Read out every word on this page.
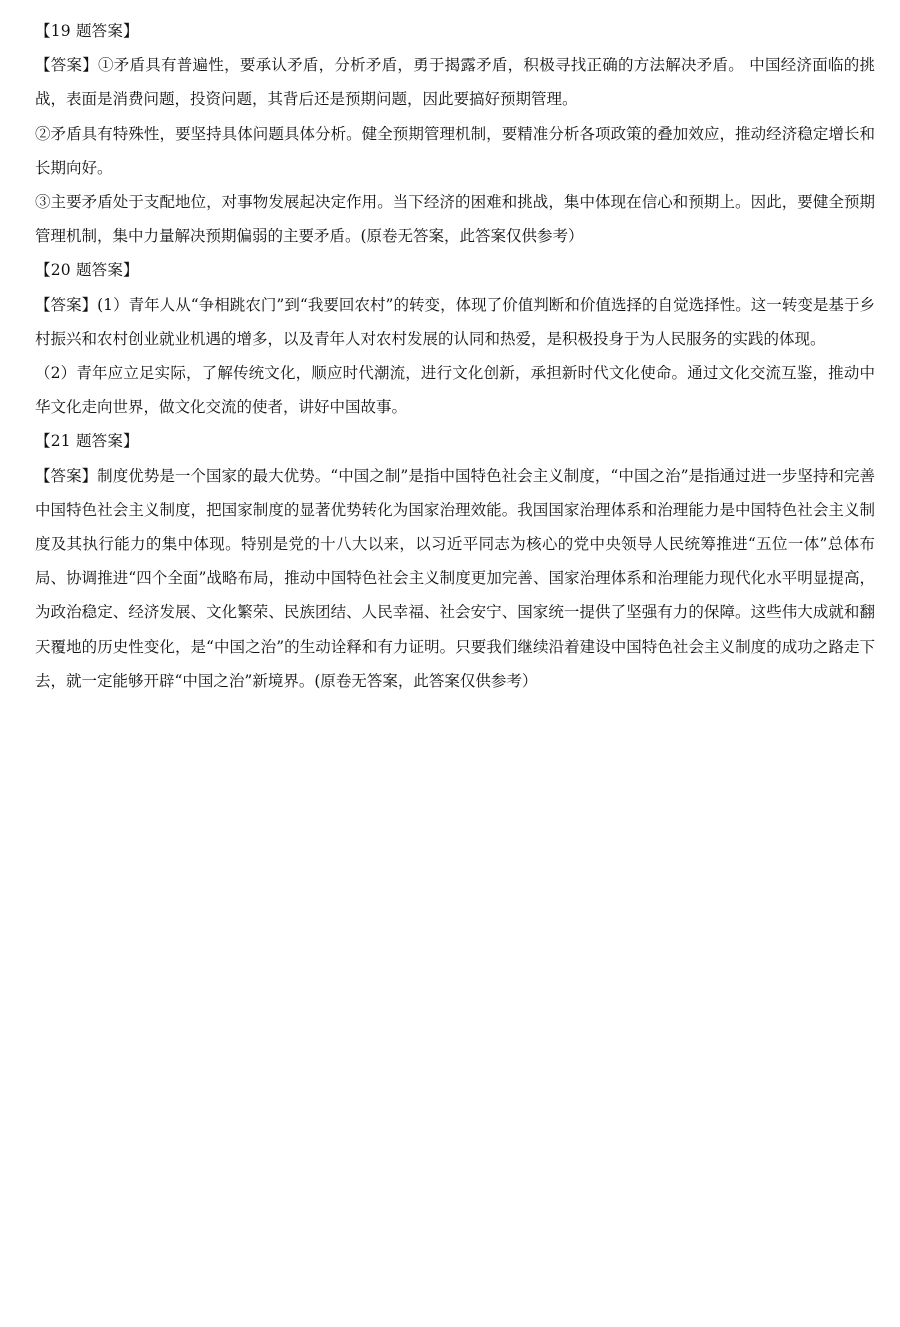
【19 题答案】

【答案】①矛盾具有普遍性，要承认矛盾，分析矛盾，勇于揭露矛盾，积极寻找正确的方法解决矛盾。 中国经济面临的挑战，表面是消费问题，投资问题，其背后还是预期问题，因此要搞好预期管理。

②矛盾具有特殊性，要坚持具体问题具体分析。健全预期管理机制，要精准分析各项政策的叠加效应，推动经济稳定增长和长期向好。

③主要矛盾处于支配地位，对事物发展起决定作用。当下经济的困难和挑战，集中体现在信心和预期上。因此，要健全预期管理机制，集中力量解决预期偏弱的主要矛盾。(原卷无答案，此答案仅供参考）

【20 题答案】

【答案】(1）青年人从“争相跳农门”到“我要回农村”的转变，体现了价值判断和价值选择的自觉选择性。这一转变是基于乡村振兴和农村创业就业机遇的增多，以及青年人对农村发展的认同和热爱，是积极投身于为人民服务的实践的体现。

（2）青年应立足实际，了解传统文化，顺应时代潮流，进行文化创新，承担新时代文化使命。通过文化交流互鉴，推动中华文化走向世界，做文化交流的使者，讲好中国故事。

【21 题答案】

【答案】制度优势是一个国家的最大优势。“中国之制”是指中国特色社会主义制度，“中国之治”是指通过进一步坚持和完善中国特色社会主义制度，把国家制度的显著优势转化为国家治理效能。我国国家治理体系和治理能力是中国特色社会主义制度及其执行能力的集中体现。特别是党的十八大以来，以习近平同志为核心的党中央领导人民统筹推进“五位一体”总体布局、协调推进“四个全面”战略布局，推动中国特色社会主义制度更加完善、国家治理体系和治理能力现代化水平明显提高，为政治稳定、经济发展、文化繁荣、民族团结、人民幸福、社会安宁、国家统一提供了坚强有力的保障。这些伟大成就和翻天覆地的历史性变化，是“中国之治”的生动诠释和有力证明。只要我们继续沿着建设中国特色社会主义制度的成功之路走下去，就一定能够开辟“中国之治”新境界。(原卷无答案，此答案仅供参考）
